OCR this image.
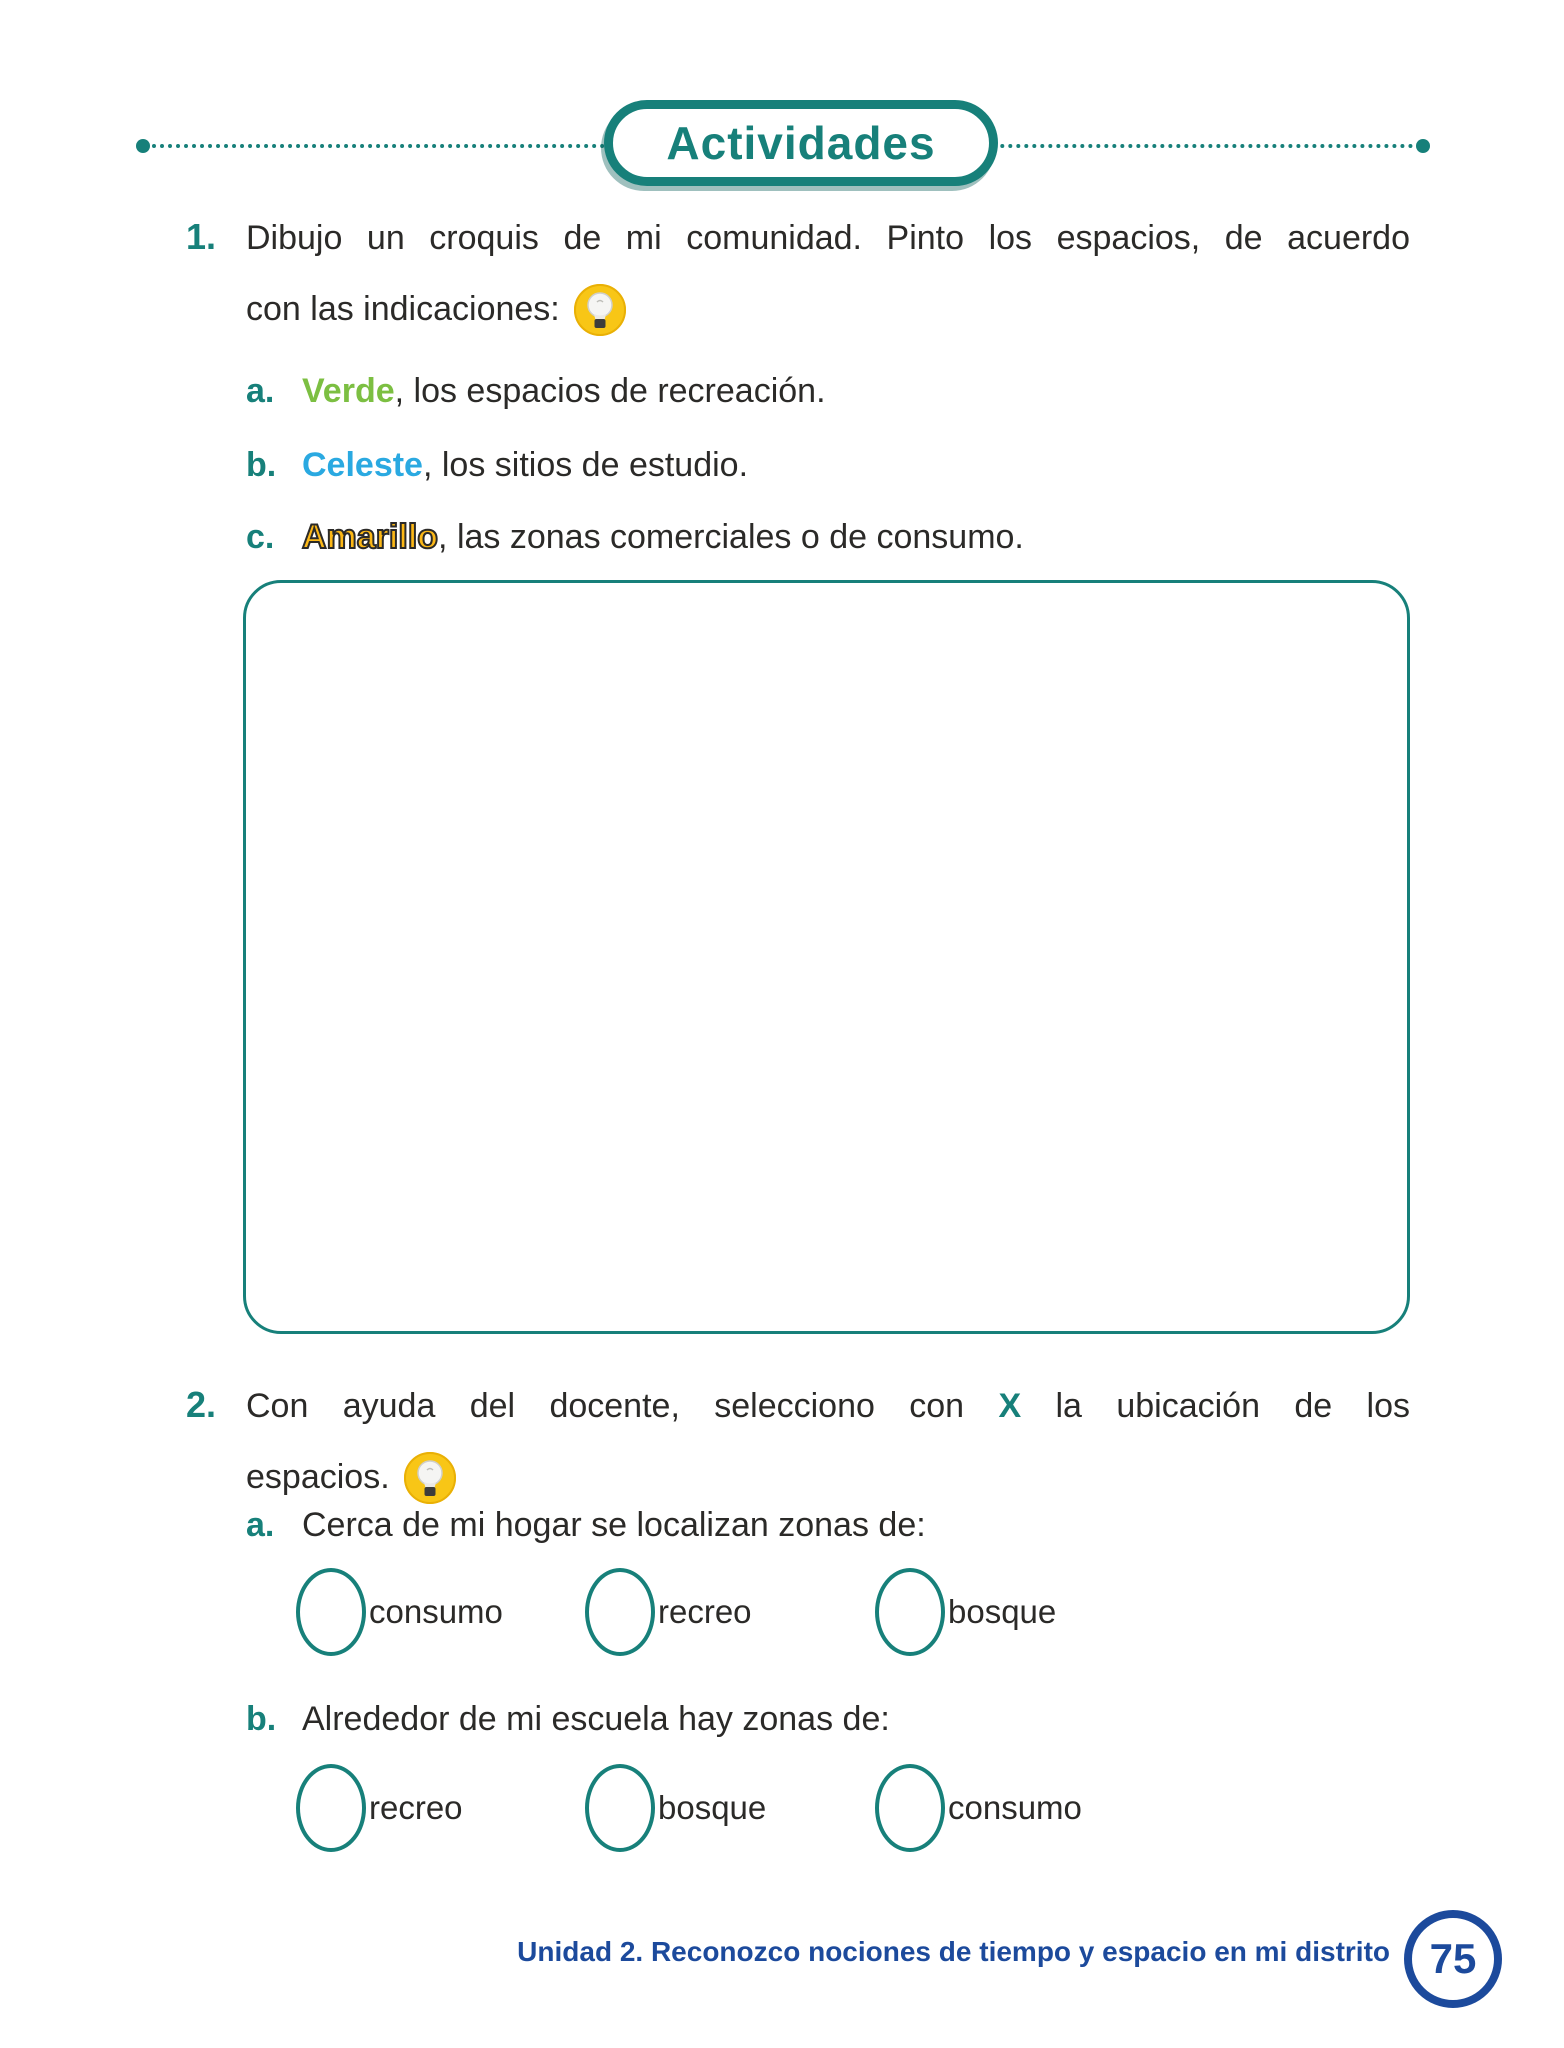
Actividades
1. Dibujo un croquis de mi comunidad. Pinto los espacios, de acuerdo
con las indicaciones:
a. Verde, los espacios de recreación.
b. Celeste, los sitios de estudio.
c. Amarillo, las zonas comerciales o de consumo.
2. Con ayuda del docente, selecciono con X la ubicación de los
espacios.
a. Cerca de mi hogar se localizan zonas de:
consumo	recreo	bosque
b. Alrededor de mi escuela hay zonas de:
recreo	bosque	consumo
Unidad 2. Reconozco nociones de tiempo y espacio en mi distrito 75
